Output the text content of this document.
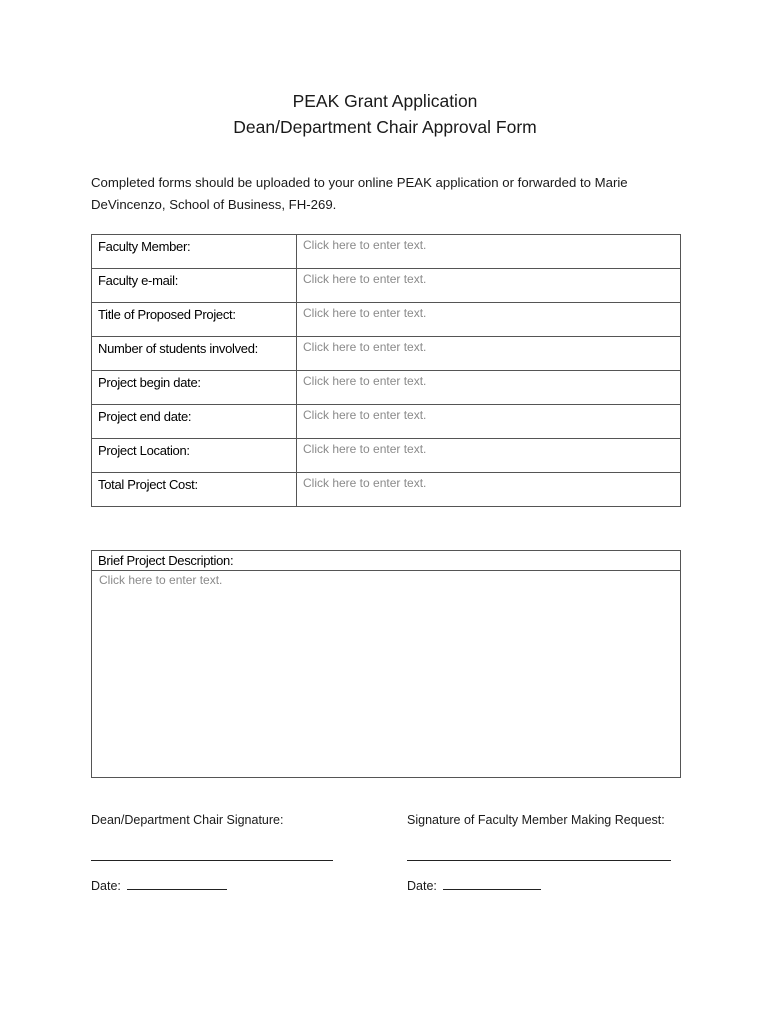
PEAK Grant Application
Dean/Department Chair Approval Form
Completed forms should be uploaded to your online PEAK application or forwarded to Marie DeVincenzo, School of Business, FH-269.
Faculty Member:	Click here to enter text.
Faculty e-mail:	Click here to enter text.
Title of Proposed Project:	Click here to enter text.
Number of students involved:	Click here to enter text.
Project begin date:	Click here to enter text.
Project end date:	Click here to enter text.
Project Location:	Click here to enter text.
Total Project Cost:	Click here to enter text.
Brief Project Description:
Click here to enter text.
Dean/Department Chair Signature:	Signature of Faculty Member Making Request:
Date:	Date:
